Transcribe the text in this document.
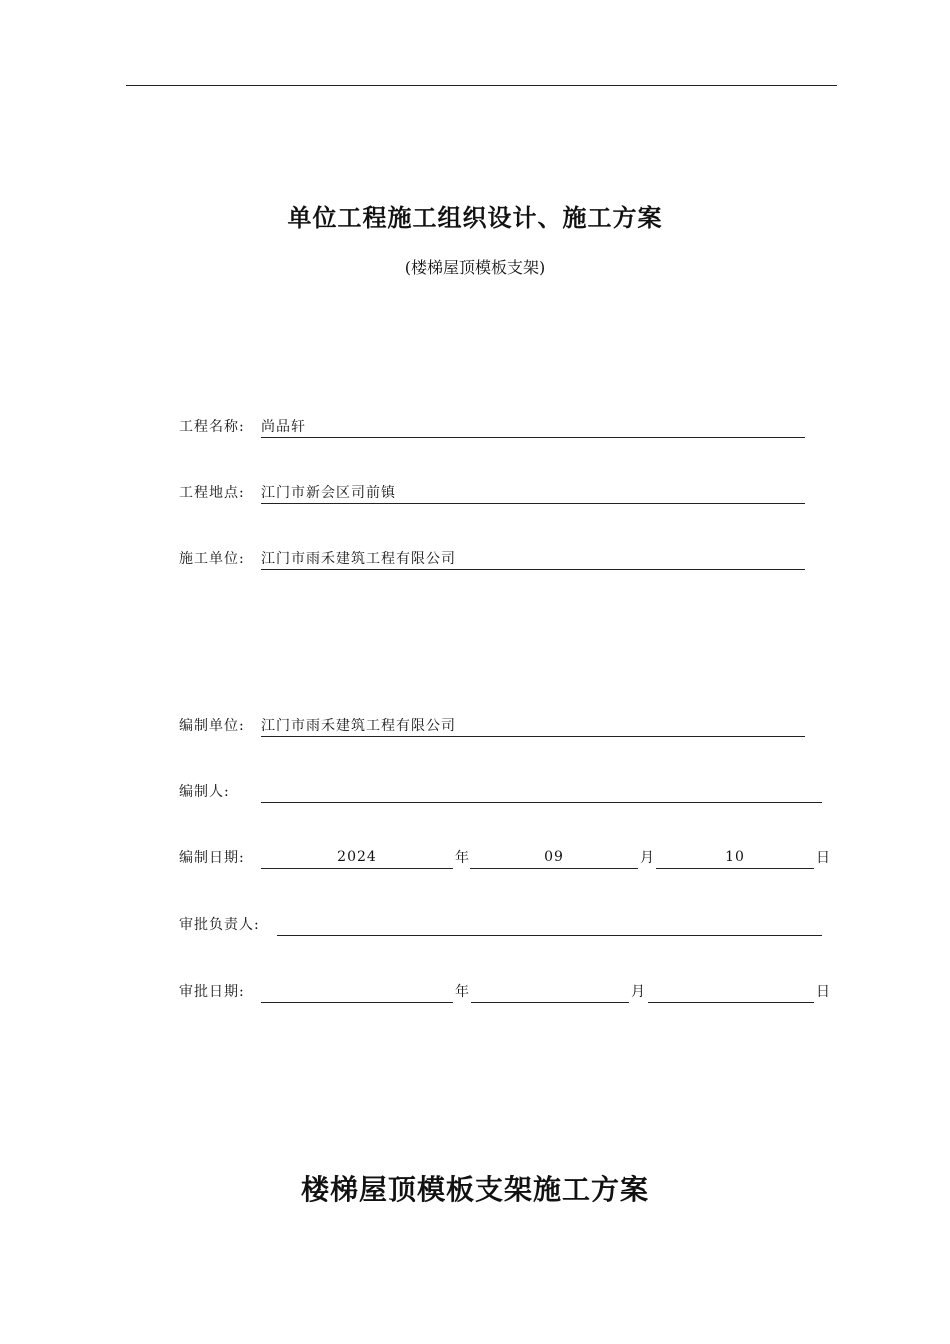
单位工程施工组织设计、施工方案
(楼梯屋顶模板支架)
工程名称: 尚品轩
工程地点: 江门市新会区司前镇
施工单位: 江门市雨禾建筑工程有限公司
编制单位: 江门市雨禾建筑工程有限公司
编制人:
编制日期:	2024	年	09	月	10	日
审批负责人:
审批日期:	年	月	日
楼梯屋顶模板支架施工方案
